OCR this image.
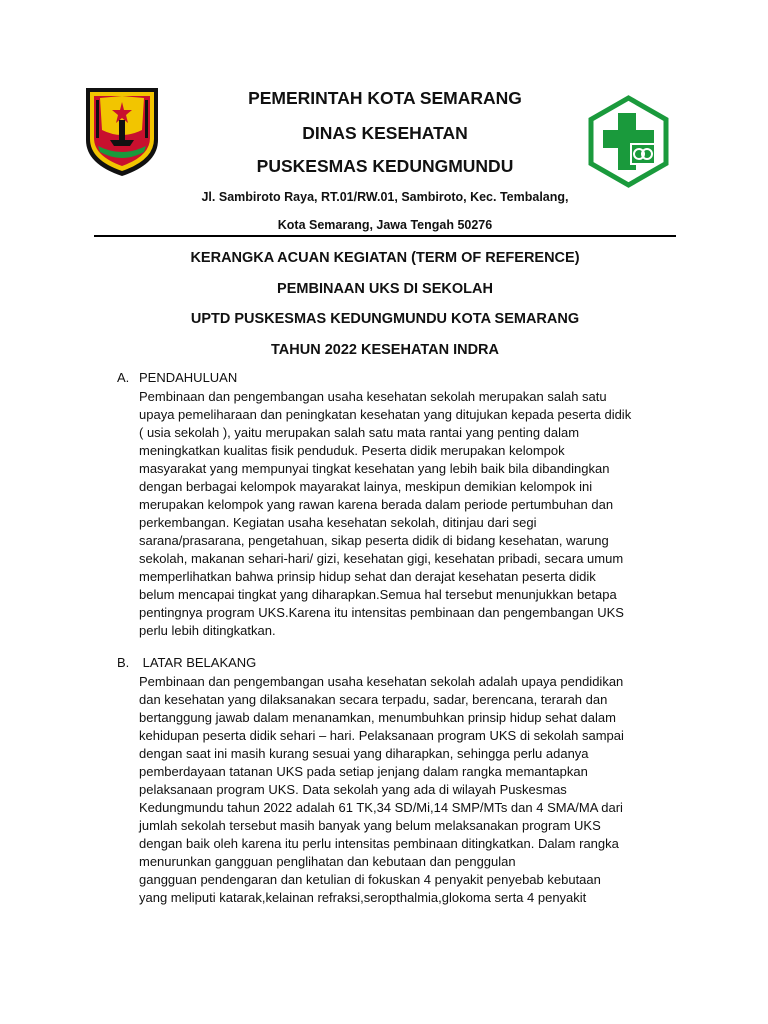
PEMERINTAH KOTA SEMARANG
DINAS KESEHATAN
PUSKESMAS KEDUNGMUNDU
Jl. Sambiroto Raya, RT.01/RW.01, Sambiroto, Kec. Tembalang,
Kota Semarang, Jawa Tengah 50276
KERANGKA ACUAN KEGIATAN (TERM OF REFERENCE)
PEMBINAAN UKS DI SEKOLAH
UPTD PUSKESMAS KEDUNGMUNDU KOTA SEMARANG
TAHUN 2022 KESEHATAN INDRA
A. PENDAHULUAN

Pembinaan dan pengembangan usaha kesehatan sekolah merupakan salah satu
upaya pemeliharaan dan peningkatan kesehatan yang ditujukan kepada peserta didik
( usia sekolah ), yaitu merupakan salah satu mata rantai yang penting dalam
meningkatkan kualitas fisik penduduk. Peserta didik merupakan kelompok
masyarakat yang mempunyai tingkat kesehatan yang lebih baik bila dibandingkan
dengan berbagai kelompok mayarakat lainya, meskipun demikian kelompok ini
merupakan kelompok yang rawan karena berada dalam periode pertumbuhan dan
perkembangan. Kegiatan usaha kesehatan sekolah, ditinjau dari segi
sarana/prasarana, pengetahuan, sikap peserta didik di bidang kesehatan, warung
sekolah, makanan sehari-hari/ gizi, kesehatan gigi, kesehatan pribadi, secara umum
memperlihatkan bahwa prinsip hidup sehat dan derajat kesehatan peserta didik
belum mencapai tingkat yang diharapkan.Semua hal tersebut menunjukkan betapa
pentingnya program UKS.Karena itu intensitas pembinaan dan pengembangan UKS
perlu lebih ditingkatkan.

B. LATAR BELAKANG

Pembinaan dan pengembangan usaha kesehatan sekolah adalah upaya pendidikan
dan kesehatan yang dilaksanakan secara terpadu, sadar, berencana, terarah dan
bertanggung jawab dalam menanamkan, menumbuhkan prinsip hidup sehat dalam
kehidupan peserta didik sehari – hari. Pelaksanaan program UKS di sekolah sampai
dengan saat ini masih kurang sesuai yang diharapkan, sehingga perlu adanya
pemberdayaan tatanan UKS pada setiap jenjang dalam rangka memantapkan
pelaksanaan program UKS. Data sekolah yang ada di wilayah Puskesmas
Kedungmundu tahun 2022 adalah 61 TK,34 SD/Mi,14 SMP/MTs dan 4 SMA/MA dari
jumlah sekolah tersebut masih banyak yang belum melaksanakan program UKS
dengan baik oleh karena itu perlu intensitas pembinaan ditingkatkan. Dalam rangka
menurunkan gangguan penglihatan dan kebutaan dan penggulan
gangguan pendengaran dan ketulian di fokuskan 4 penyakit penyebab kebutaan
yang meliputi katarak,kelainan refraksi,seropthalmia,glokoma serta 4 penyakit
